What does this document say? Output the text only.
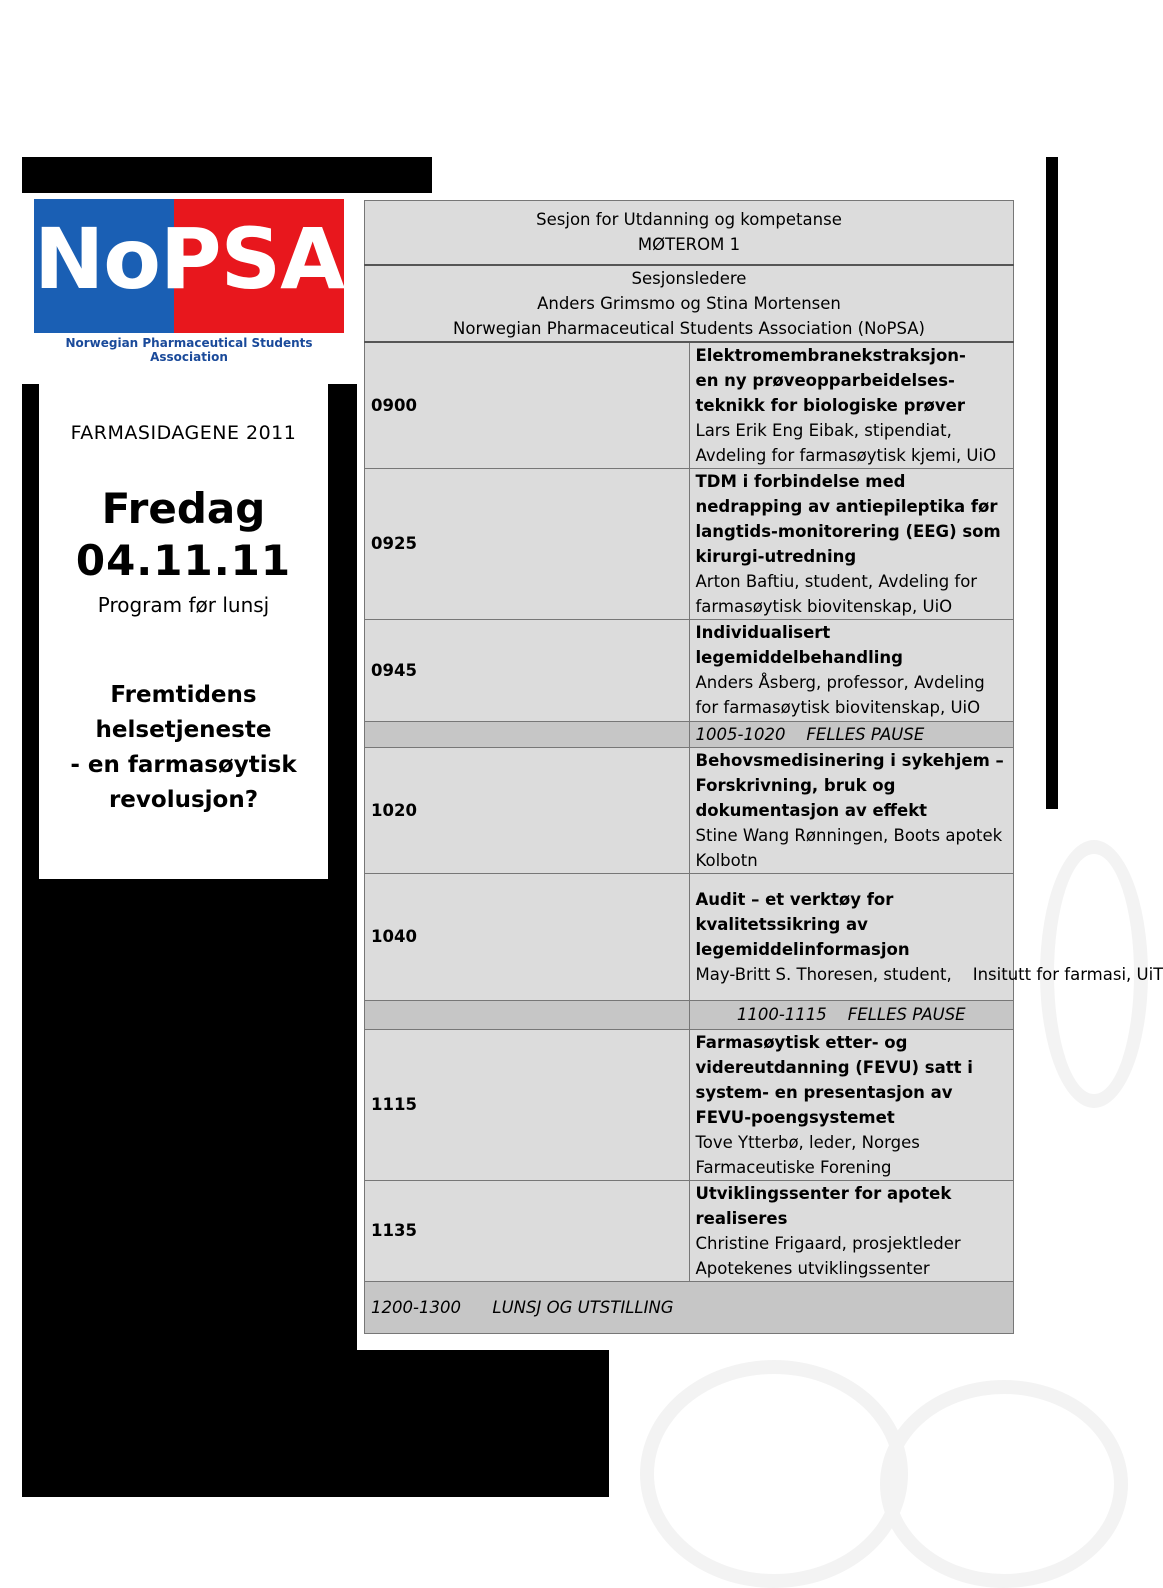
NoPSA
Norwegian Pharmaceutical Students Association
FARMASIDAGENE 2011
Fredag
04.11.11
Program før lunsj
Fremtidens
helsetjeneste
- en farmasøytisk
revolusjon?
Sesjon for Utdanning og kompetanse
MØTEROM 1	

Sesjonsledere
Anders Grimsmo og Stina Mortensen
Norwegian Pharmaceutical Students Association (NoPSA)	

0900	Elektromembranekstraksjon-
en ny prøveopparbeidelses-teknikk for biologiske prøver
Lars Erik Eng Eibak, stipendiat, Avdeling for farmasøytisk kjemi, UiO

0925	TDM i forbindelse med nedrapping av antiepileptika før langtids-monitorering (EEG) som kirurgi-utredning
Arton Baftiu, student, Avdeling for farmasøytisk biovitenskap, UiO

0945	Individualisert legemiddelbehandling
Anders Åsberg, professor, Avdeling for farmasøytisk biovitenskap, UiO

	1005-1020    FELLES PAUSE
1020	Behovsmedisinering i sykehjem –Forskrivning, bruk og dokumentasjon av effekt
Stine Wang Rønningen, Boots apotek Kolbotn

1040	Audit – et verktøy for kvalitetssikring av legemiddelinformasjon
May-Britt S. Thoresen, student,    Insitutt for farmasi, UiT

	1100-1115    FELLES PAUSE
1115	Farmasøytisk etter- og videreutdanning (FEVU) satt i system- en presentasjon av FEVU-poengsystemet
Tove Ytterbø, leder, Norges Farmaceutiske Forening

1135	Utviklingssenter for apotek realiseres
Christine Frigaard, prosjektleder Apotekenes utviklingssenter

1200-1300      LUNSJ OG UTSTILLING	
